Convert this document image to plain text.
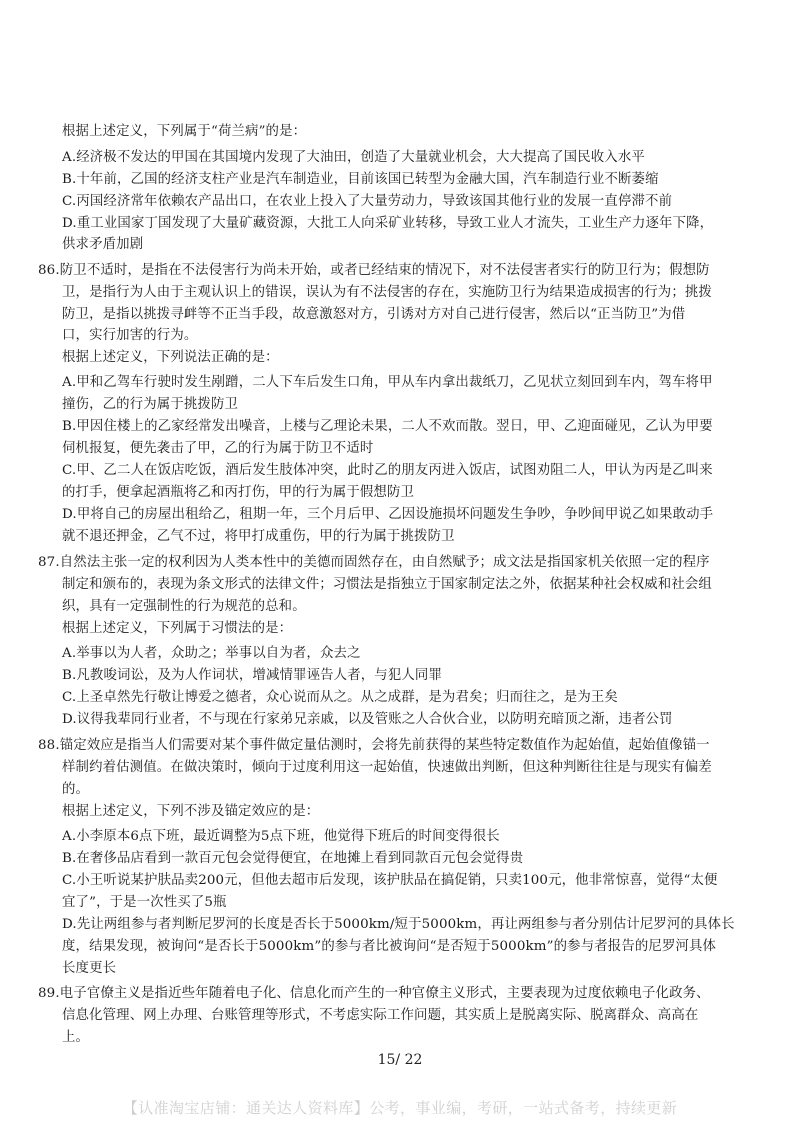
根据上述定义，下列属于“荷兰病”的是：
A.经济极不发达的甲国在其国境内发现了大油田，创造了大量就业机会，大大提高了国民收入水平
B.十年前，乙国的经济支柱产业是汽车制造业，目前该国已转型为金融大国，汽车制造行业不断萎缩
C.丙国经济常年依赖农产品出口，在农业上投入了大量劳动力，导致该国其他行业的发展一直停滞不前
D.重工业国家丁国发现了大量矿藏资源，大批工人向采矿业转移，导致工业人才流失，工业生产力逐年下降，
供求矛盾加剧
86.防卫不适时，是指在不法侵害行为尚未开始，或者已经结束的情况下，对不法侵害者实行的防卫行为；假想防
卫，是指行为人由于主观认识上的错误，误认为有不法侵害的存在，实施防卫行为结果造成损害的行为；挑拨
防卫，是指以挑拨寻衅等不正当手段，故意激怒对方，引诱对方对自己进行侵害，然后以“正当防卫”为借
口，实行加害的行为。
根据上述定义，下列说法正确的是：
A.甲和乙驾车行驶时发生剐蹭，二人下车后发生口角，甲从车内拿出裁纸刀，乙见状立刻回到车内，驾车将甲
撞伤，乙的行为属于挑拨防卫
B.甲因住楼上的乙家经常发出噪音，上楼与乙理论未果，二人不欢而散。翌日，甲、乙迎面碰见，乙认为甲要
伺机报复，便先袭击了甲，乙的行为属于防卫不适时
C.甲、乙二人在饭店吃饭，酒后发生肢体冲突，此时乙的朋友丙进入饭店，试图劝阻二人，甲认为丙是乙叫来
的打手，便拿起酒瓶将乙和丙打伤，甲的行为属于假想防卫
D.甲将自己的房屋出租给乙，租期一年，三个月后甲、乙因设施损坏问题发生争吵，争吵间甲说乙如果敢动手
就不退还押金，乙气不过，将甲打成重伤，甲的行为属于挑拨防卫
87.自然法主张一定的权利因为人类本性中的美德而固然存在，由自然赋予；成文法是指国家机关依照一定的程序
制定和颁布的，表现为条文形式的法律文件；习惯法是指独立于国家制定法之外，依据某种社会权威和社会组
织，具有一定强制性的行为规范的总和。
根据上述定义，下列属于习惯法的是：
A.举事以为人者，众助之；举事以自为者，众去之
B.凡教唆词讼，及为人作词状，增减情罪诬告人者，与犯人同罪
C.上圣卓然先行敬让博爱之德者，众心说而从之。从之成群，是为君矣；归而往之，是为王矣
D.议得我辈同行业者，不与现在行家弟兄亲戚，以及管账之人合伙合业，以防明充暗顶之渐，违者公罚
88.锚定效应是指当人们需要对某个事件做定量估测时，会将先前获得的某些特定数值作为起始值，起始值像锚一
样制约着估测值。在做决策时，倾向于过度利用这一起始值，快速做出判断，但这种判断往往是与现实有偏差
的。
根据上述定义，下列不涉及锚定效应的是：
A.小李原本6点下班，最近调整为5点下班，他觉得下班后的时间变得很长
B.在奢侈品店看到一款百元包会觉得便宜，在地摊上看到同款百元包会觉得贵
C.小王听说某护肤品卖200元，但他去超市后发现，该护肤品在搞促销，只卖100元，他非常惊喜，觉得“太便
宜了”，于是一次性买了5瓶
D.先让两组参与者判断尼罗河的长度是否长于5000km/短于5000km，再让两组参与者分别估计尼罗河的具体长
度，结果发现，被询问“是否长于5000km”的参与者比被询问“是否短于5000km”的参与者报告的尼罗河具体
长度更长
89.电子官僚主义是指近些年随着电子化、信息化而产生的一种官僚主义形式，主要表现为过度依赖电子化政务、
信息化管理、网上办理、台账管理等形式，不考虑实际工作问题，其实质上是脱离实际、脱离群众、高高在
上。
15/ 22
【认准淘宝店铺：通关达人资料库】公考，事业编，考研，一站式备考，持续更新
